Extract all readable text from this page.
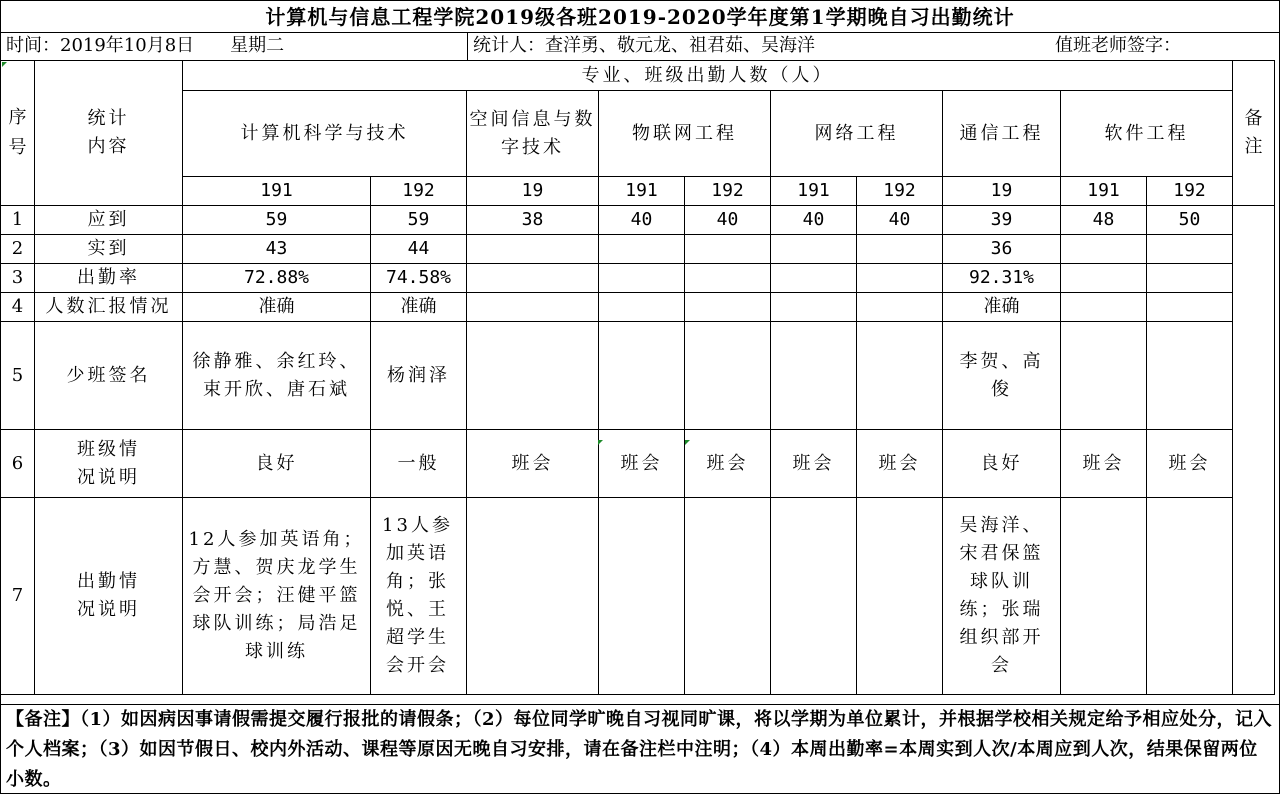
计算机与信息工程学院2019级各班2019-2020学年度第1学期晚自习出勤统计
时间：2019年10月8日　　星期二	统计人：查洋勇、敬元龙、祖君茹、吴海洋	值班老师签字：
序号	统计内容	专业、班级出勤人数（人）										备注
		计算机科学与技术		空间信息与数字技术	物联网工程		网络工程		通信工程	软件工程		
		191	192	19	191	192	191	192	19	191	192	
1	应到	59	59	38	40	40	40	40	39	48	50	
2	实到	43	44						36			
3	出勤率	72.88%	74.58%						92.31%			
4	人数汇报情况	准确	准确						准确			
5	少班签名	徐静雅、余红玲、束开欣、唐石斌	杨润泽						李贺、高俊			
6	班级情况说明	良好	一般	班会	班会	班会	班会	班会	良好	班会	班会	
7	出勤情况说明	12人参加英语角；方慧、贺庆龙学生会开会；汪健平篮球队训练；局浩足球训练	13人参加英语角；张悦、王超学生会开会						吴海洋、宋君保篮球队训练；张瑞组织部开会			
【备注】（1）如因病因事请假需提交履行报批的请假条；（2）每位同学旷晚自习视同旷课，将以学期为单位累计，并根据学校相关规定给予相应处分，记入个人档案；（3）如因节假日、校内外活动、课程等原因无晚自习安排，请在备注栏中注明；（4）本周出勤率=本周实到人次/本周应到人次，结果保留两位小数。
